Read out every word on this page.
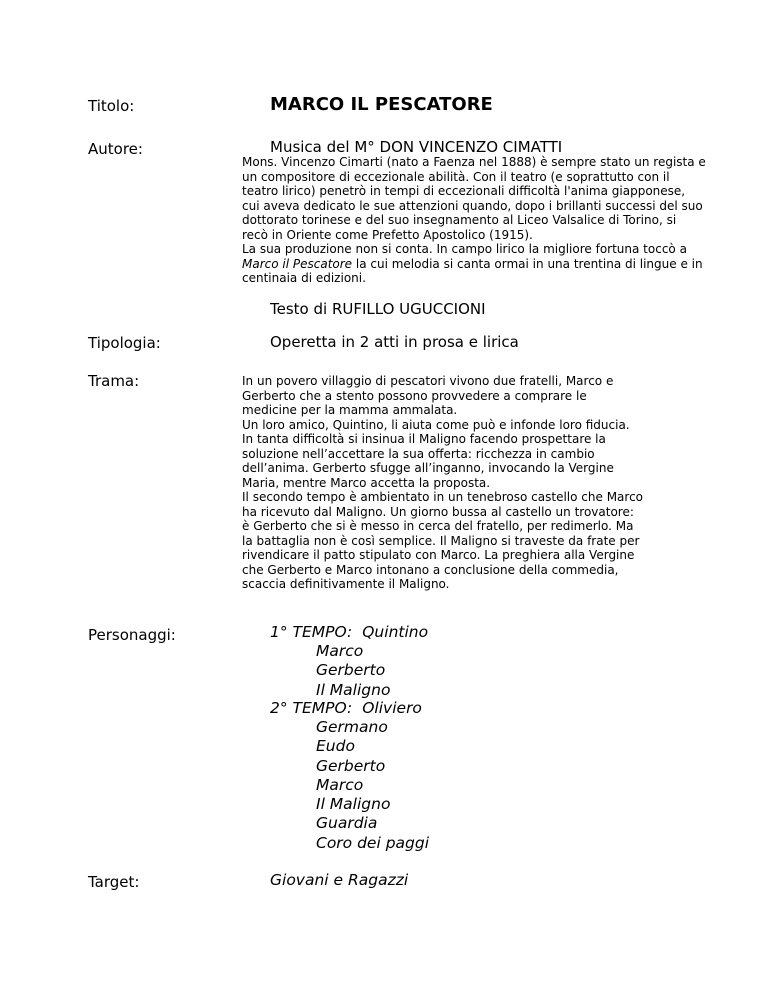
Titolo:	MARCO IL PESCATORE
Autore:	Musica del M° DON VINCENZO CIMATTI

Mons. Vincenzo Cimarti (nato a Faenza nel 1888) è sempre stato un regista e

un compositore di eccezionale abilità. Con il teatro (e soprattutto con il

teatro lirico) penetrò in tempi di eccezionali difficoltà l'anima giapponese,

cui aveva dedicato le sue attenzioni quando, dopo i brillanti successi del suo

dottorato torinese e del suo insegnamento al Liceo Valsalice di Torino, si

recò in Oriente come Prefetto Apostolico (1915).

La sua produzione non si conta. In campo lirico la migliore fortuna toccò a

Marco il Pescatore la cui melodia si canta ormai in una trentina di lingue e in

centinaia di edizioni.

Testo di RUFILLO UGUCCIONI
Tipologia:	Operetta in 2 atti in prosa e lirica
Trama:	In un povero villaggio di pescatori vivono due fratelli, Marco e

Gerberto che a stento possono provvedere a comprare le

medicine per la mamma ammalata.

Un loro amico, Quintino, li aiuta come può e infonde loro fiducia.

In tanta difficoltà si insinua il Maligno facendo prospettare la

soluzione nell’accettare la sua offerta: ricchezza in cambio

dell’anima. Gerberto sfugge all’inganno, invocando la Vergine

Maria, mentre Marco accetta la proposta.

Il secondo tempo è ambientato in un tenebroso castello che Marco

ha ricevuto dal Maligno. Un giorno bussa al castello un trovatore:

è Gerberto che si è messo in cerca del fratello, per redimerlo. Ma

la battaglia non è così semplice. Il Maligno si traveste da frate per

rivendicare il patto stipulato con Marco. La preghiera alla Vergine

che Gerberto e Marco intonano a conclusione della commedia,

scaccia definitivamente il Maligno.

Personaggi:	1° TEMPO: Quintino
Marco
Gerberto
Il Maligno
2° TEMPO: Oliviero
Germano
Eudo
Gerberto
Marco
Il Maligno
Guardia
Coro dei paggi
Target:	Giovani e Ragazzi
